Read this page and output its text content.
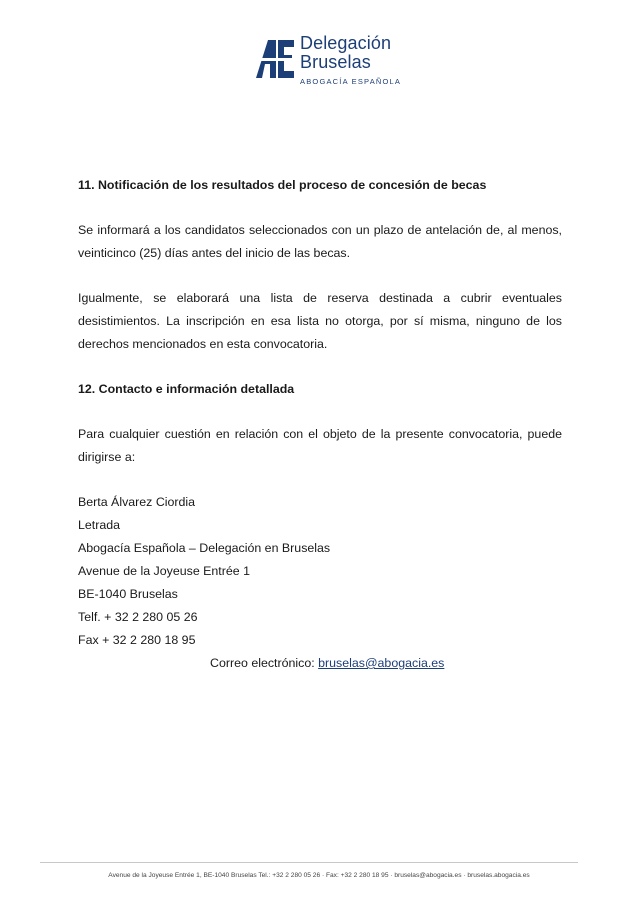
Delegación
Bruselas
ABOGACÍA ESPAÑOLA

11. Notificación de los resultados del proceso de concesión de becas

Se informará a los candidatos seleccionados con un plazo de antelación de, al menos, veinticinco (25) días antes del inicio de las becas.

Igualmente, se elaborará una lista de reserva destinada a cubrir eventuales desistimientos. La inscripción en esa lista no otorga, por sí misma, ninguno de los derechos mencionados en esta convocatoria.

12. Contacto e información detallada

Para cualquier cuestión en relación con el objeto de la presente convocatoria, puede dirigirse a:

Berta Álvarez Ciordia

Letrada

Abogacía Española – Delegación en Bruselas

Avenue de la Joyeuse Entrée 1

BE-1040 Bruselas

Telf. + 32 2 280 05 26

Fax + 32 2 280 18 95

Correo electrónico: bruselas@abogacia.es

Avenue de la Joyeuse Entrée 1, BE-1040 Bruselas Tel.: +32 2 280 05 26 · Fax: +32 2 280 18 95 · bruselas@abogacia.es · bruselas.abogacia.es
